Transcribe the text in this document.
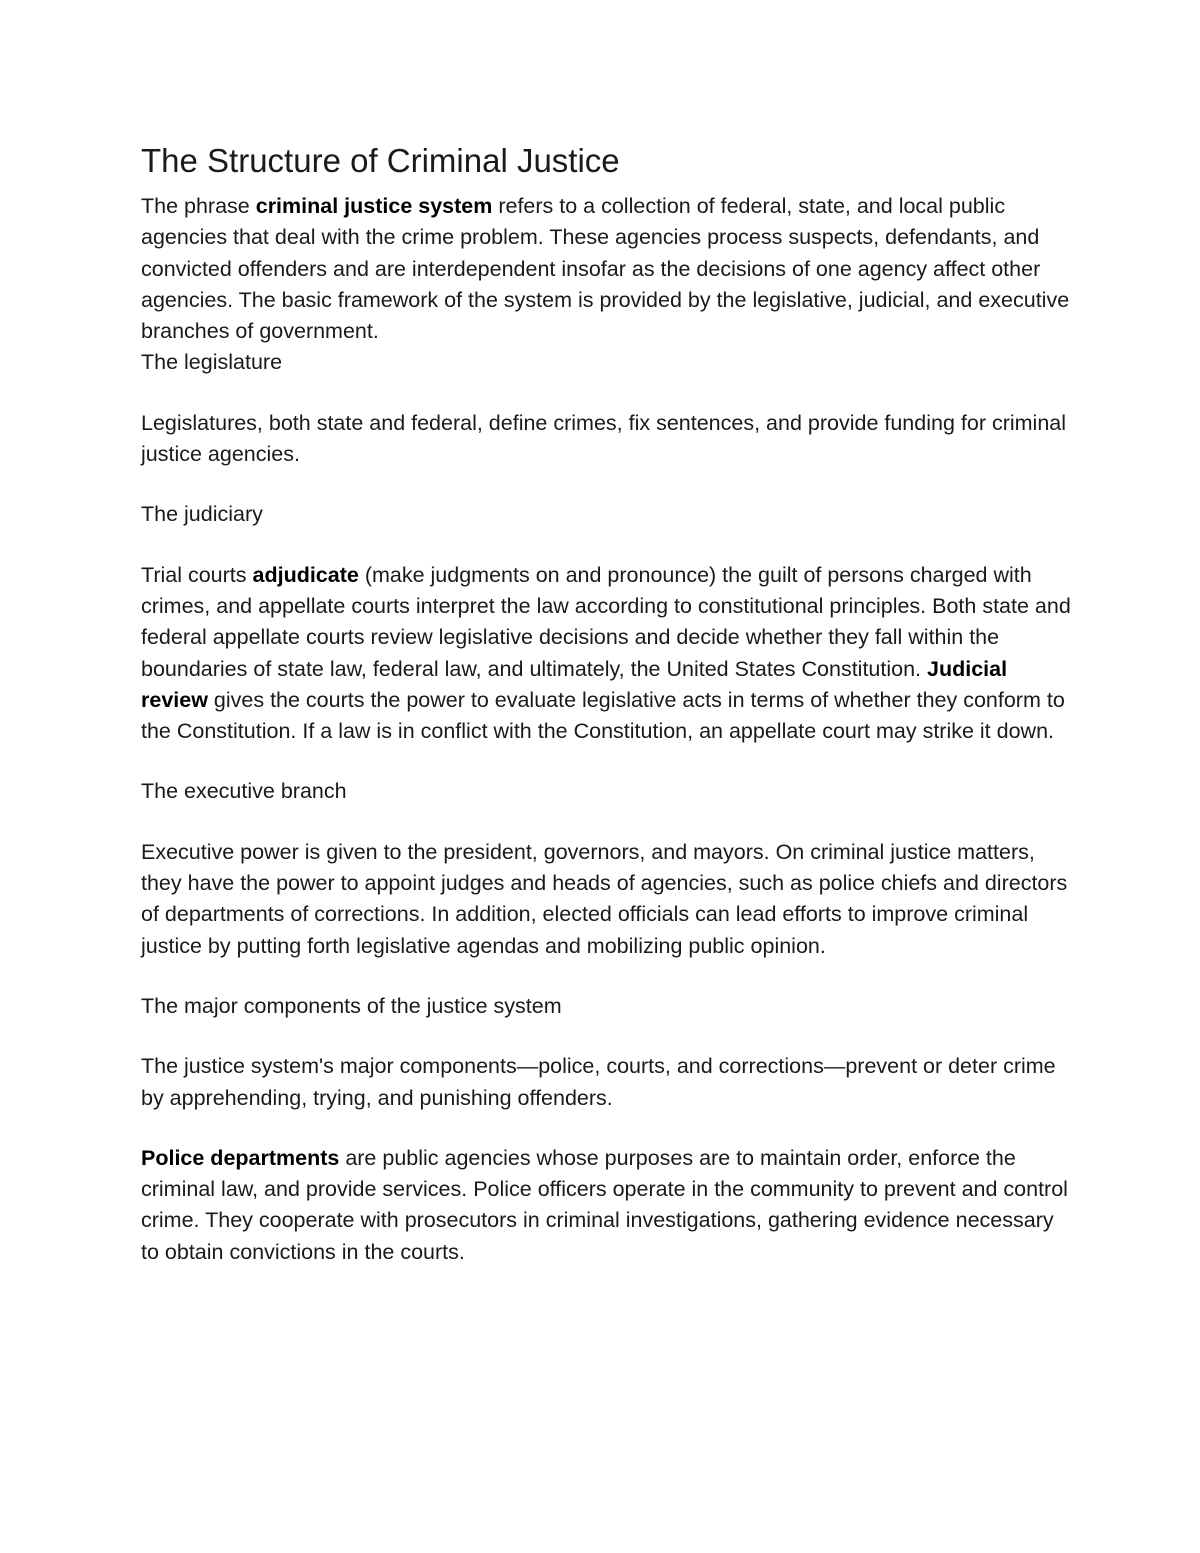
The Structure of Criminal Justice

The phrase criminal justice system refers to a collection of federal, state, and local public agencies that deal with the crime problem. These agencies process suspects, defendants, and convicted offenders and are interdependent insofar as the decisions of one agency affect other agencies. The basic framework of the system is provided by the legislative, judicial, and executive branches of government.

The legislature

Legislatures, both state and federal, define crimes, fix sentences, and provide funding for criminal justice agencies.

The judiciary

Trial courts adjudicate (make judgments on and pronounce) the guilt of persons charged with crimes, and appellate courts interpret the law according to constitutional principles. Both state and federal appellate courts review legislative decisions and decide whether they fall within the boundaries of state law, federal law, and ultimately, the United States Constitution. Judicial review gives the courts the power to evaluate legislative acts in terms of whether they conform to the Constitution. If a law is in conflict with the Constitution, an appellate court may strike it down.

The executive branch

Executive power is given to the president, governors, and mayors. On criminal justice matters, they have the power to appoint judges and heads of agencies, such as police chiefs and directors of departments of corrections. In addition, elected officials can lead efforts to improve criminal justice by putting forth legislative agendas and mobilizing public opinion.

The major components of the justice system

The justice system's major components—police, courts, and corrections—prevent or deter crime by apprehending, trying, and punishing offenders.

Police departments are public agencies whose purposes are to maintain order, enforce the criminal law, and provide services. Police officers operate in the community to prevent and control crime. They cooperate with prosecutors in criminal investigations, gathering evidence necessary to obtain convictions in the courts.
